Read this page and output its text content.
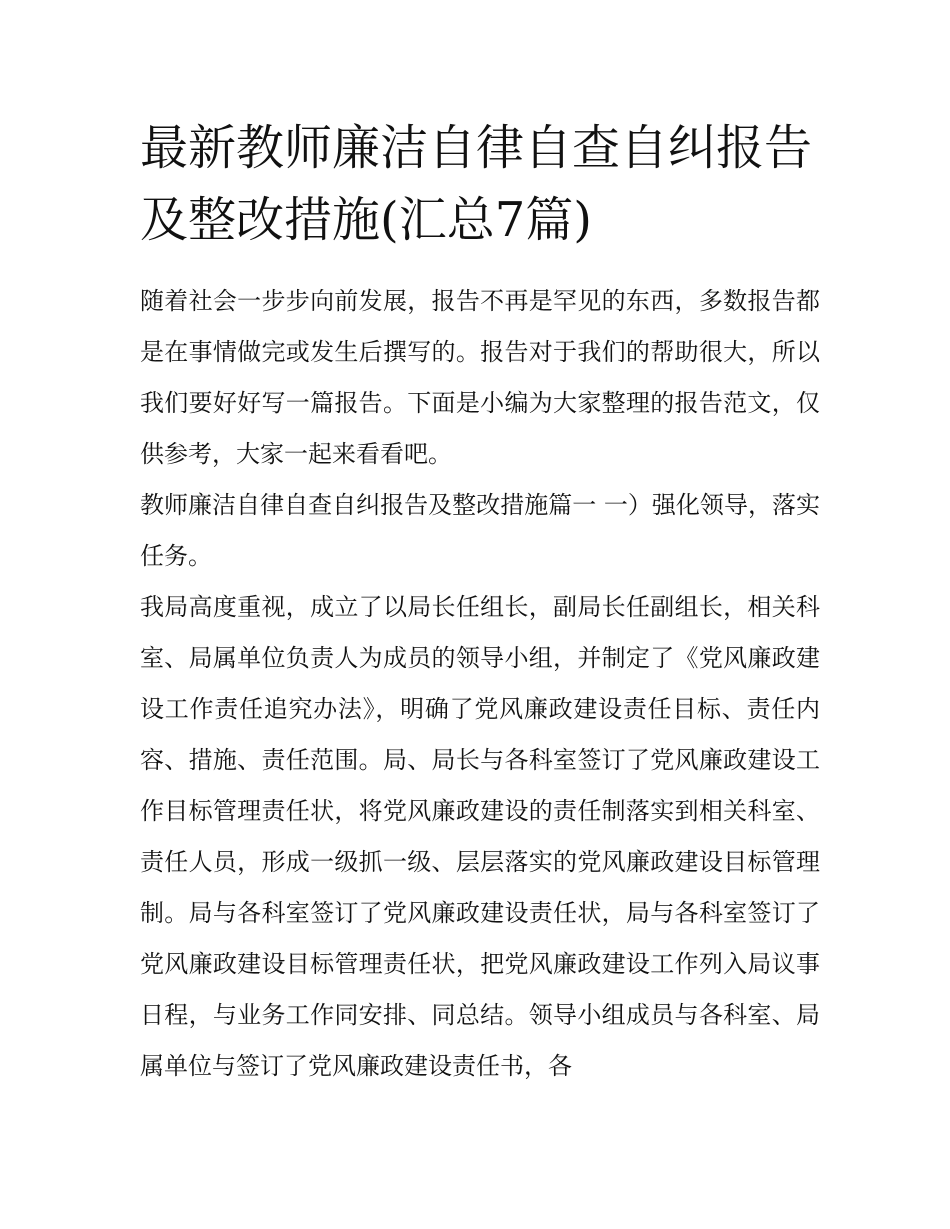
最新教师廉洁自律自查自纠报告及整改措施(汇总7篇)

随着社会一步步向前发展，报告不再是罕见的东西，多数报告都是在事情做完或发生后撰写的。报告对于我们的帮助很大，所以我们要好好写一篇报告。下面是小编为大家整理的报告范文，仅供参考，大家一起来看看吧。

教师廉洁自律自查自纠报告及整改措施篇一 一）强化领导，落实任务。

我局高度重视，成立了以局长任组长，副局长任副组长，相关科室、局属单位负责人为成员的领导小组，并制定了《党风廉政建设工作责任追究办法》，明确了党风廉政建设责任目标、责任内容、措施、责任范围。局、局长与各科室签订了党风廉政建设工作目标管理责任状，将党风廉政建设的责任制落实到相关科室、责任人员，形成一级抓一级、层层落实的党风廉政建设目标管理制。局与各科室签订了党风廉政建设责任状，局与各科室签订了党风廉政建设目标管理责任状，把党风廉政建设工作列入局议事日程，与业务工作同安排、同总结。领导小组成员与各科室、局属单位与签订了党风廉政建设责任书，各
